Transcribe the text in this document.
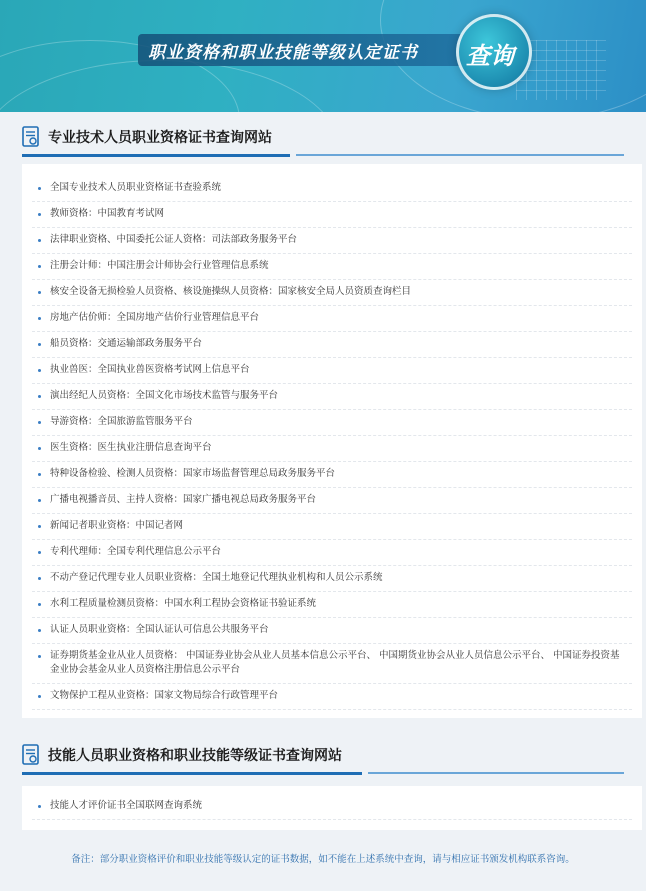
职业资格和职业技能等级认定证书 查询
专业技术人员职业资格证书查询网站
全国专业技术人员职业资格证书查验系统
教师资格：中国教育考试网
法律职业资格、中国委托公证人资格：司法部政务服务平台
注册会计师：中国注册会计师协会行业管理信息系统
核安全设备无损检验人员资格、核设施操纵人员资格：国家核安全局人员资质查询栏目
房地产估价师：全国房地产估价行业管理信息平台
船员资格：交通运输部政务服务平台
执业兽医：全国执业兽医资格考试网上信息平台
演出经纪人员资格：全国文化市场技术监管与服务平台
导游资格：全国旅游监管服务平台
医生资格：医生执业注册信息查询平台
特种设备检验、检测人员资格：国家市场监督管理总局政务服务平台
广播电视播音员、主持人资格：国家广播电视总局政务服务平台
新闻记者职业资格：中国记者网
专利代理师：全国专利代理信息公示平台
不动产登记代理专业人员职业资格：全国土地登记代理执业机构和人员公示系统
水利工程质量检测员资格：中国水利工程协会资格证书验证系统
认证人员职业资格：全国认证认可信息公共服务平台
证券期货基金业从业人员资格： 中国证券业协会从业人员基本信息公示平台、 中国期货业协会从业人员信息公示平台、 中国证券投资基金业协会基金从业人员资格注册信息公示平台
文物保护工程从业资格：国家文物局综合行政管理平台
技能人员职业资格和职业技能等级证书查询网站
技能人才评价证书全国联网查询系统
备注：部分职业资格评价和职业技能等级认定的证书数据，如不能在上述系统中查询，请与相应证书颁发机构联系咨询。
